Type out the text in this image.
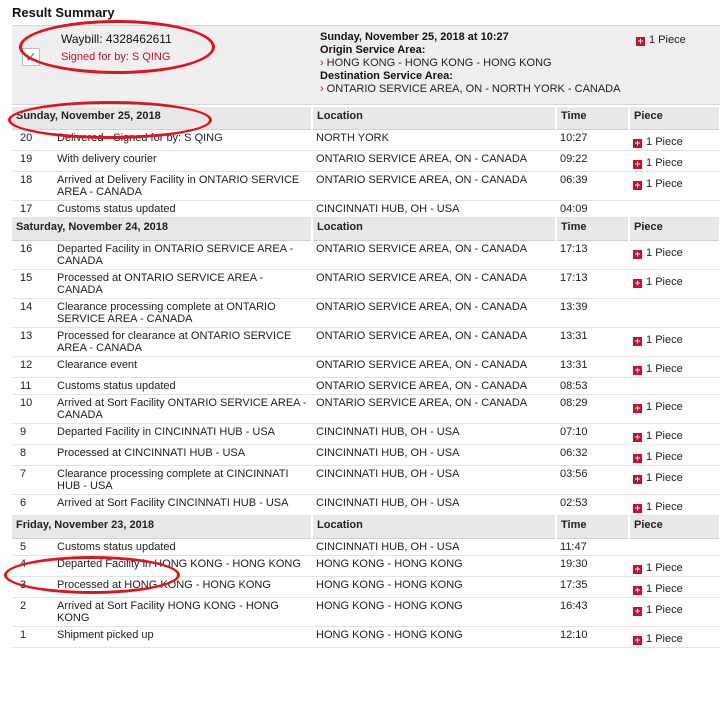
Result Summary
✓
Waybill: 4328462611
Signed for by: S QING
Sunday, November 25, 2018 at 10:27
Origin Service Area:
› HONG KONG - HONG KONG - HONG KONG
Destination Service Area:
› ONTARIO SERVICE AREA, ON - NORTH YORK - CANADA
+ 1 Piece
Sunday, November 25, 2018		Location	Time	Piece
20	Delivered - Signed for by: S QING	NORTH YORK	10:27	+ 1 Piece
19	With delivery courier	ONTARIO SERVICE AREA, ON - CANADA	09:22	+ 1 Piece
18	Arrived at Delivery Facility in ONTARIO SERVICE AREA - CANADA	ONTARIO SERVICE AREA, ON - CANADA	06:39	+ 1 Piece
17	Customs status updated	CINCINNATI HUB, OH - USA	04:09	
Saturday, November 24, 2018		Location	Time	Piece
16	Departed Facility in ONTARIO SERVICE AREA - CANADA	ONTARIO SERVICE AREA, ON - CANADA	17:13	+ 1 Piece
15	Processed at ONTARIO SERVICE AREA - CANADA	ONTARIO SERVICE AREA, ON - CANADA	17:13	+ 1 Piece
14	Clearance processing complete at ONTARIO SERVICE AREA - CANADA	ONTARIO SERVICE AREA, ON - CANADA	13:39	
13	Processed for clearance at ONTARIO SERVICE AREA - CANADA	ONTARIO SERVICE AREA, ON - CANADA	13:31	+ 1 Piece
12	Clearance event	ONTARIO SERVICE AREA, ON - CANADA	13:31	+ 1 Piece
11	Customs status updated	ONTARIO SERVICE AREA, ON - CANADA	08:53	
10	Arrived at Sort Facility ONTARIO SERVICE AREA - CANADA	ONTARIO SERVICE AREA, ON - CANADA	08:29	+ 1 Piece
9	Departed Facility in CINCINNATI HUB - USA	CINCINNATI HUB, OH - USA	07:10	+ 1 Piece
8	Processed at CINCINNATI HUB - USA	CINCINNATI HUB, OH - USA	06:32	+ 1 Piece
7	Clearance processing complete at CINCINNATI HUB - USA	CINCINNATI HUB, OH - USA	03:56	+ 1 Piece
6	Arrived at Sort Facility CINCINNATI HUB - USA	CINCINNATI HUB, OH - USA	02:53	+ 1 Piece
Friday, November 23, 2018		Location	Time	Piece
5	Customs status updated	CINCINNATI HUB, OH - USA	11:47	
4	Departed Facility in HONG KONG - HONG KONG	HONG KONG - HONG KONG	19:30	+ 1 Piece
3	Processed at HONG KONG - HONG KONG	HONG KONG - HONG KONG	17:35	+ 1 Piece
2	Arrived at Sort Facility HONG KONG - HONG KONG	HONG KONG - HONG KONG	16:43	+ 1 Piece
1	Shipment picked up	HONG KONG - HONG KONG	12:10	+ 1 Piece
